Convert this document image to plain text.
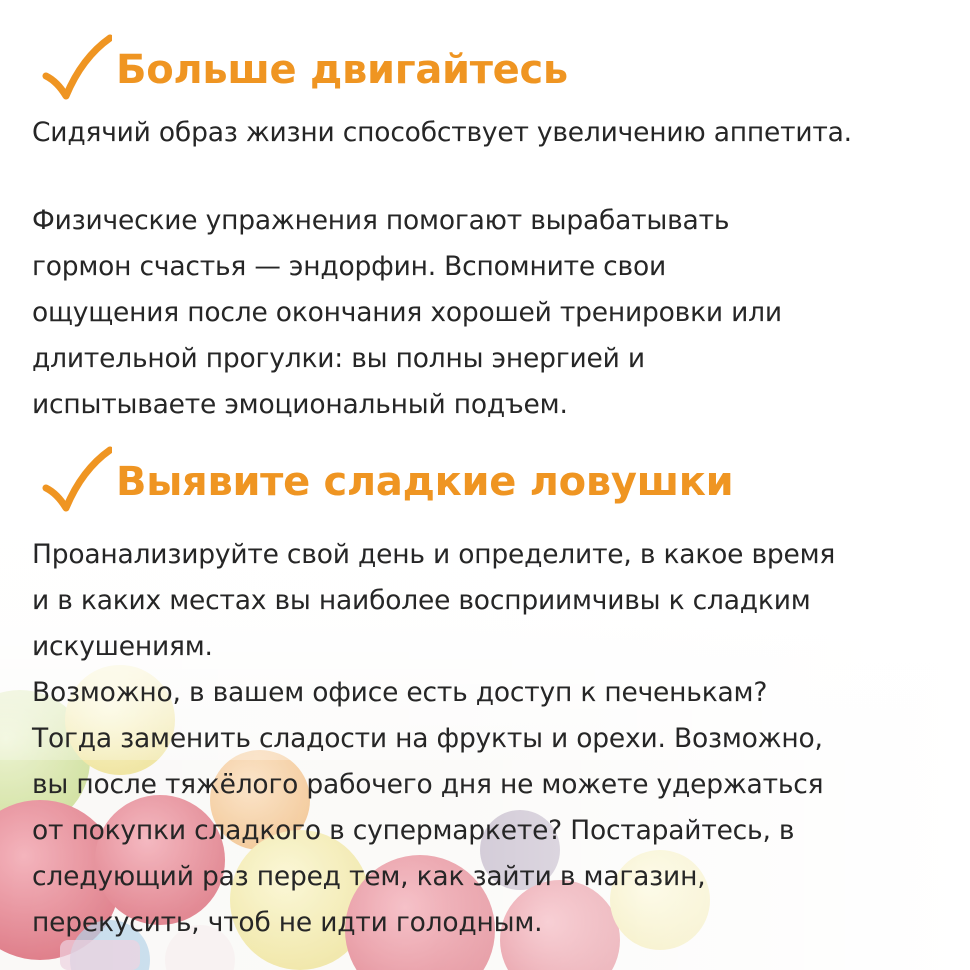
Больше двигайтесь
Сидячий образ жизни способствует увеличению аппетита.
Физические упражнения помогают вырабатывать
гормон счастья — эндорфин. Вспомните свои
ощущения после окончания хорошей тренировки или
длительной прогулки: вы полны энергией и
испытываете эмоциональный подъем.
Выявите сладкие ловушки
Проанализируйте свой день и определите, в какое время
и в каких местах вы наиболее восприимчивы к сладким
искушениям.
Возможно, в вашем офисе есть доступ к печенькам?
Тогда заменить сладости на фрукты и орехи. Возможно,
вы после тяжёлого рабочего дня не можете удержаться
от покупки сладкого в супермаркете? Постарайтесь, в
следующий раз перед тем, как зайти в магазин,
перекусить, чтоб не идти голодным.
